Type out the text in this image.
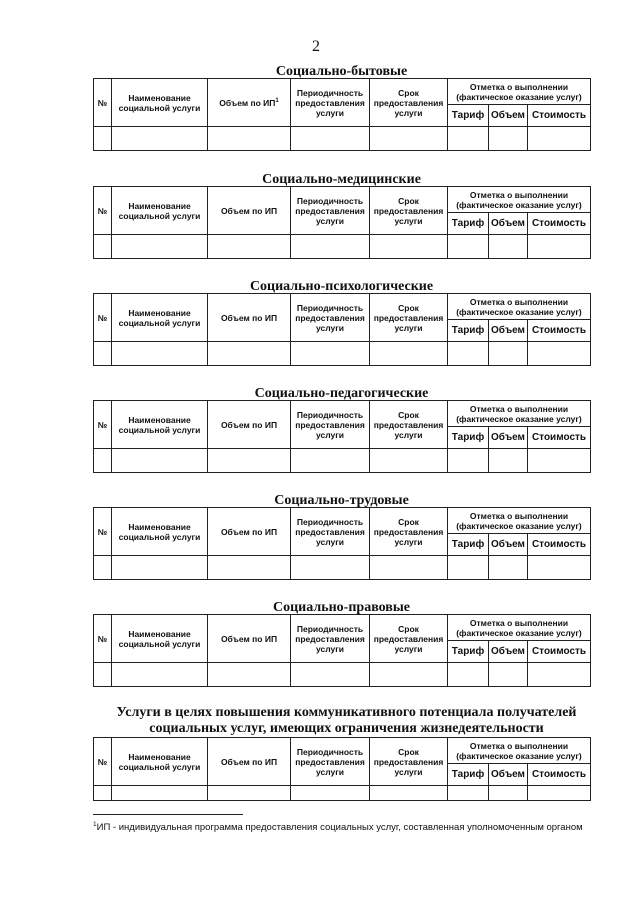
2
Социально-бытовые
№	Наименование социальной услуги	Объем по $ИП^1$	Периодичность предоставления услуги	Срок предоставления услуги	Отметка о выполнении (фактическое оказание услуг)		
					Тариф	Объем	Стоимость

Социально-медицинские
№	Наименование социальной услуги	Объем по ИП	Периодичность предоставления услуги	Срок предоставления услуги	Отметка о выполнении (фактическое оказание услуг)		
					Тариф	Объем	Стоимость

Социально-психологические
№	Наименование социальной услуги	Объем по ИП	Периодичность предоставления услуги	Срок предоставления услуги	Отметка о выполнении (фактическое оказание услуг)		
					Тариф	Объем	Стоимость

Социально-педагогические
№	Наименование социальной услуги	Объем по ИП	Периодичность предоставления услуги	Срок предоставления услуги	Отметка о выполнении (фактическое оказание услуг)		
					Тариф	Объем	Стоимость

Социально-трудовые
№	Наименование социальной услуги	Объем по ИП	Периодичность предоставления услуги	Срок предоставления услуги	Отметка о выполнении (фактическое оказание услуг)		
					Тариф	Объем	Стоимость

Социально-правовые
№	Наименование социальной услуги	Объем по ИП	Периодичность предоставления услуги	Срок предоставления услуги	Отметка о выполнении (фактическое оказание услуг)		
					Тариф	Объем	Стоимость

Услуги в целях повышения коммуникативного потенциала получателей социальных услуг, имеющих ограничения жизнедеятельности
№	Наименование социальной услуги	Объем по ИП	Периодичность предоставления услуги	Срок предоставления услуги	Отметка о выполнении (фактическое оказание услуг)		
					Тариф	Объем	Стоимость

$^1$ИП - индивидуальная программа предоставления социальных услуг, составленная уполномоченным органом
